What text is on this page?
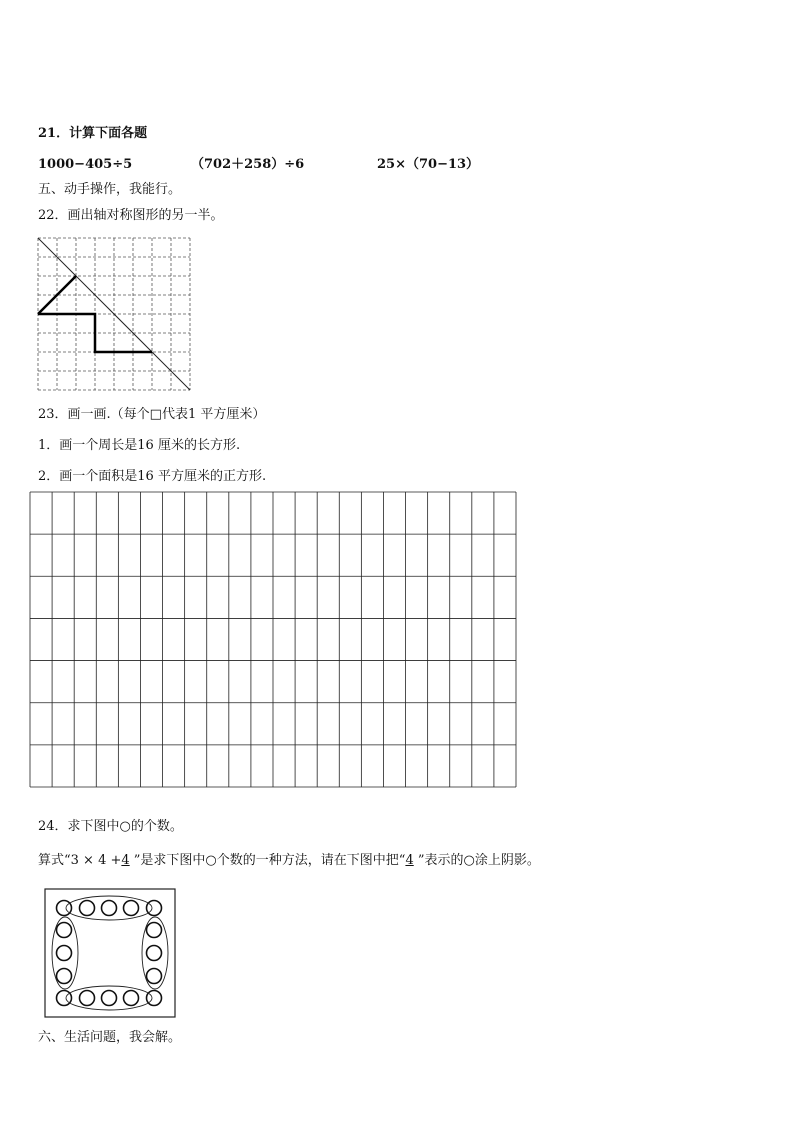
21．计算下面各题
1000−405÷5	（702＋258）÷6	25×（70−13）
五、动手操作，我能行。
22．画出轴对称图形的另一半。
23．画一画.（每个□代表1 平方厘米）
1．画一个周长是16 厘米的长方形.
2．画一个面积是16 平方厘米的正方形.
24．求下图中○的个数。
算式“3 × 4 +4 ”是求下图中○个数的一种方法，请在下图中把“4 ”表示的○涂上阴影。
六、生活问题，我会解。
